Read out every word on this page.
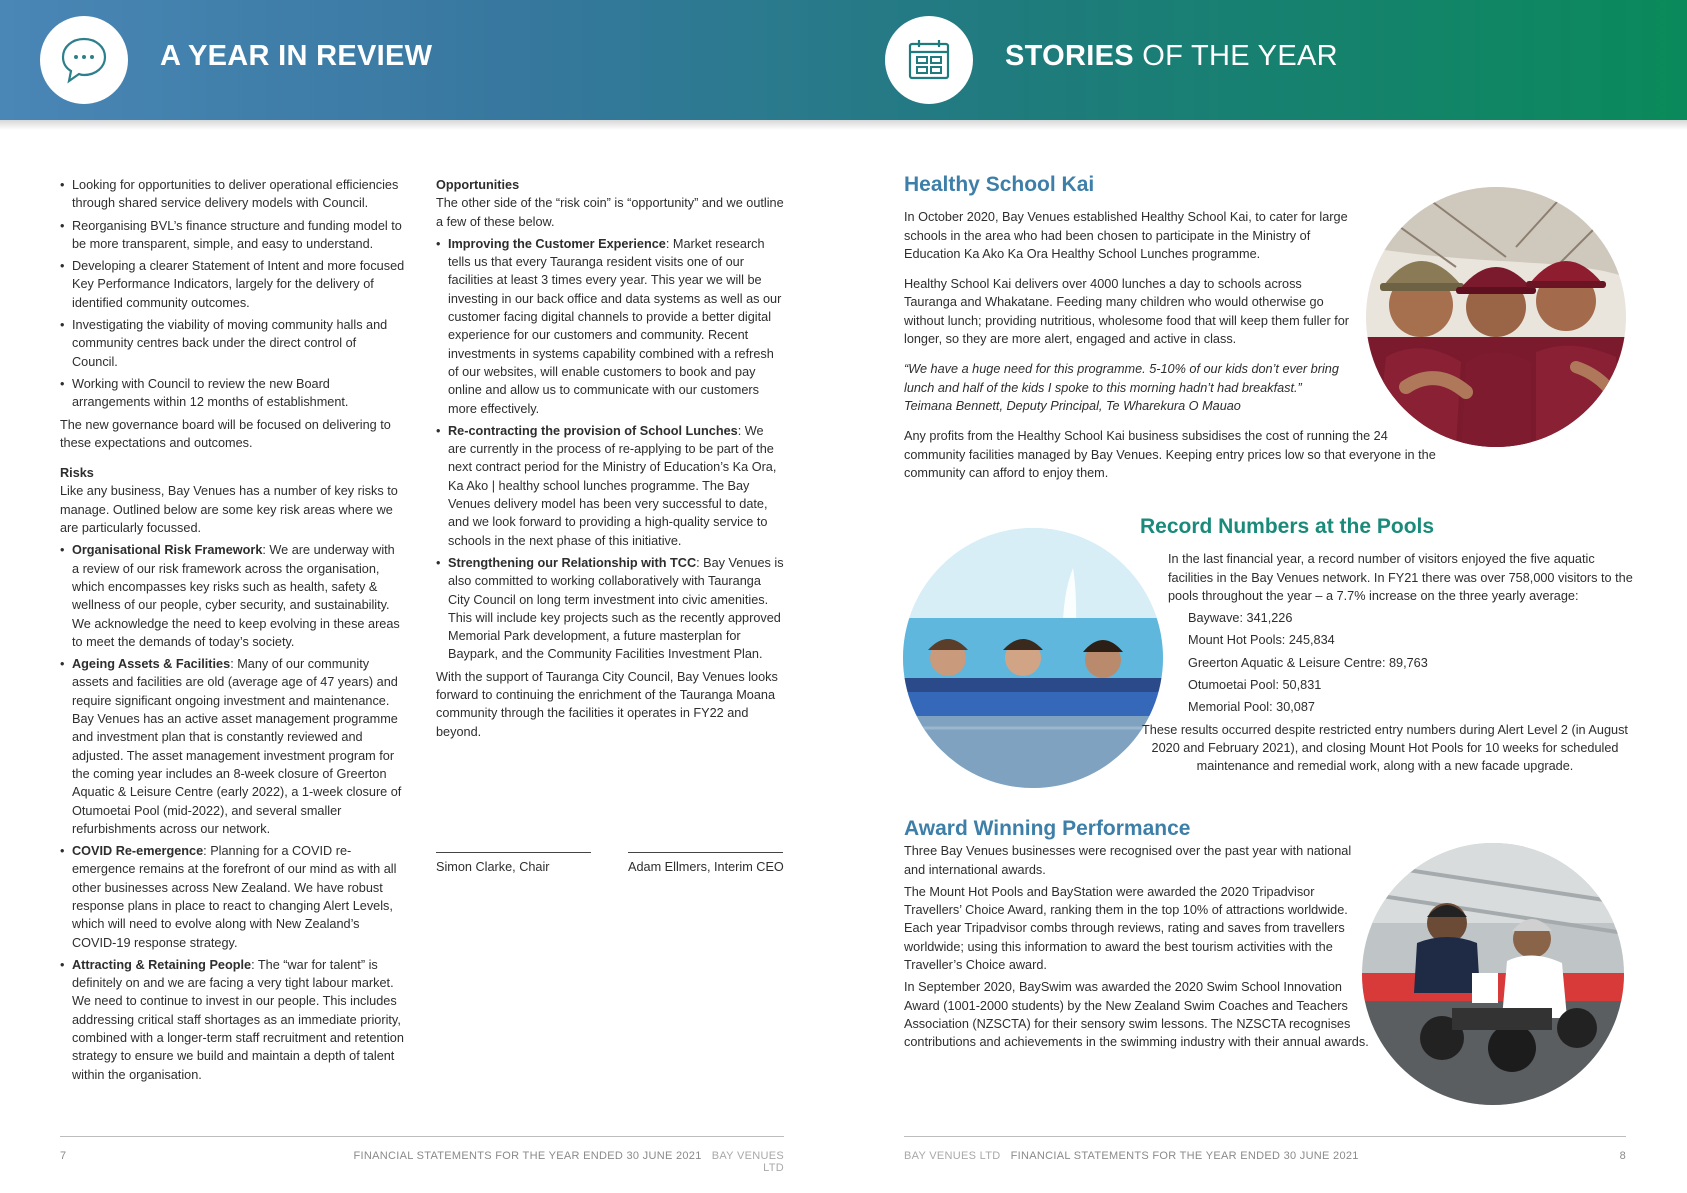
A YEAR IN REVIEW	STORIES OF THE YEAR
• Looking for opportunities to deliver operational efficiencies through shared service delivery models with Council.
• Reorganising BVL’s finance structure and funding model to be more transparent, simple, and easy to understand.
• Developing a clearer Statement of Intent and more focused Key Performance Indicators, largely for the delivery of identified community outcomes.
• Investigating the viability of moving community halls and community centres back under the direct control of Council.
• Working with Council to review the new Board arrangements within 12 months of establishment.

The new governance board will be focused on delivering to these expectations and outcomes.

Risks

Like any business, Bay Venues has a number of key risks to manage. Outlined below are some key risk areas where we are particularly focussed.

• Organisational Risk Framework: We are underway with a review of our risk framework across the organisation, which encompasses key risks such as health, safety & wellness of our people, cyber security, and sustainability. We acknowledge the need to keep evolving in these areas to meet the demands of today’s society.
• Ageing Assets & Facilities: Many of our community assets and facilities are old (average age of 47 years) and require significant ongoing investment and maintenance. Bay Venues has an active asset management programme and investment plan that is constantly reviewed and adjusted. The asset management investment program for the coming year includes an 8-week closure of Greerton Aquatic & Leisure Centre (early 2022), a 1-week closure of Otumoetai Pool (mid-2022), and several smaller refurbishments across our network.
• COVID Re-emergence: Planning for a COVID re-emergence remains at the forefront of our mind as with all other businesses across New Zealand. We have robust response plans in place to react to changing Alert Levels, which will need to evolve along with New Zealand’s COVID-19 response strategy.
• Attracting & Retaining People: The “war for talent” is definitely on and we are facing a very tight labour market. We need to continue to invest in our people. This includes addressing critical staff shortages as an immediate priority, combined with a longer-term staff recruitment and retention strategy to ensure we build and maintain a depth of talent within the organisation.
Opportunities

The other side of the “risk coin” is “opportunity” and we outline a few of these below.

• Improving the Customer Experience: Market research tells us that every Tauranga resident visits one of our facilities at least 3 times every year. This year we will be investing in our back office and data systems as well as our customer facing digital channels to provide a better digital experience for our customers and community. Recent investments in systems capability combined with a refresh of our websites, will enable customers to book and pay online and allow us to communicate with our customers more effectively.
• Re-contracting the provision of School Lunches: We are currently in the process of re-applying to be part of the next contract period for the Ministry of Education’s Ka Ora, Ka Ako | healthy school lunches programme. The Bay Venues delivery model has been very successful to date, and we look forward to providing a high-quality service to schools in the next phase of this initiative.
• Strengthening our Relationship with TCC: Bay Venues is also committed to working collaboratively with Tauranga City Council on long term investment into civic amenities. This will include key projects such as the recently approved Memorial Park development, a future masterplan for Baypark, and the Community Facilities Investment Plan.

With the support of Tauranga City Council, Bay Venues looks forward to continuing the enrichment of the Tauranga Moana community through the facilities it operates in FY22 and beyond.

Simon Clarke, Chair	Adam Ellmers, Interim CEO
Healthy School Kai

In October 2020, Bay Venues established Healthy School Kai, to cater for large schools in the area who had been chosen to participate in the Ministry of Education Ka Ako Ka Ora Healthy School Lunches programme.

Healthy School Kai delivers over 4000 lunches a day to schools across Tauranga and Whakatane. Feeding many children who would otherwise go without lunch; providing nutritious, wholesome food that will keep them fuller for longer, so they are more alert, engaged and active in class.

“We have a huge need for this programme. 5-10% of our kids don’t ever bring lunch and half of the kids I spoke to this morning hadn’t had breakfast.”
Teimana Bennett, Deputy Principal, Te Wharekura O Mauao

Any profits from the Healthy School Kai business subsidises the cost of running the 24 community facilities managed by Bay Venues. Keeping entry prices low so that everyone in the community can afford to enjoy them.

Record Numbers at the Pools

In the last financial year, a record number of visitors enjoyed the five aquatic facilities in the Bay Venues network. In FY21 there was over 758,000 visitors to the pools throughout the year – a 7.7% increase on the three yearly average:

Baywave: 341,226
Mount Hot Pools: 245,834
Greerton Aquatic & Leisure Centre: 89,763
Otumoetai Pool: 50,831
Memorial Pool: 30,087

These results occurred despite restricted entry numbers during Alert Level 2 (in August 2020 and February 2021), and closing Mount Hot Pools for 10 weeks for scheduled maintenance and remedial work, along with a new facade upgrade.

Award Winning Performance

Three Bay Venues businesses were recognised over the past year with national and international awards.

The Mount Hot Pools and BayStation were awarded the 2020 Tripadvisor Travellers’ Choice Award, ranking them in the top 10% of attractions worldwide. Each year Tripadvisor combs through reviews, rating and saves from travellers worldwide; using this information to award the best tourism activities with the Traveller’s Choice award.

In September 2020, BaySwim was awarded the 2020 Swim School Innovation Award (1001-2000 students) by the New Zealand Swim Coaches and Teachers Association (NZSCTA) for their sensory swim lessons. The NZSCTA recognises contributions and achievements in the swimming industry with their annual awards.

7	FINANCIAL STATEMENTS FOR THE YEAR ENDED 30 JUNE 2021 BAY VENUES LTD
BAY VENUES LTD FINANCIAL STATEMENTS FOR THE YEAR ENDED 30 JUNE 2021	8
